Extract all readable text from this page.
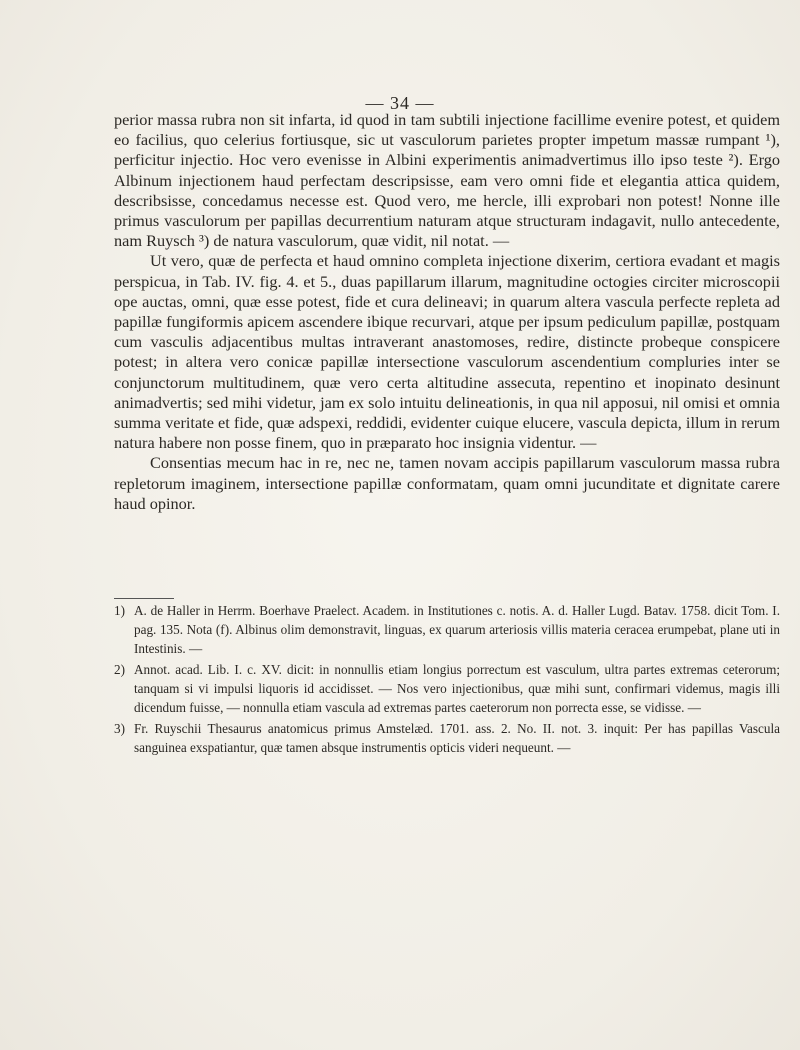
— 34 —

perior massa rubra non sit infarta, id quod in tam subtili injectione facillime evenire potest, et quidem eo facilius, quo celerius fortiusque, sic ut vasculorum parietes propter impetum massæ rumpant ¹), perficitur injectio. Hoc vero evenisse in Albini experimentis animadvertimus illo ipso teste ²). Ergo Albinum injectionem haud perfectam descripsisse, eam vero omni fide et elegantia attica quidem, describsisse, concedamus necesse est. Quod vero, me hercle, illi exprobari non potest! Nonne ille primus vasculorum per papillas decurrentium naturam atque structuram indagavit, nullo antecedente, nam Ruysch ³) de natura vasculorum, quæ vidit, nil notat. —

Ut vero, quæ de perfecta et haud omnino completa injectione dixerim, certiora evadant et magis perspicua, in Tab. IV. fig. 4. et 5., duas papillarum illarum, magnitudine octogies circiter microscopii ope auctas, omni, quæ esse potest, fide et cura delineavi; in quarum altera vascula perfecte repleta ad papillæ fungiformis apicem ascendere ibique recurvari, atque per ipsum pediculum papillæ, postquam cum vasculis adjacentibus multas intraverant anastomoses, redire, distincte probeque conspicere potest; in altera vero conicæ papillæ intersectione vasculorum ascendentium compluries inter se conjunctorum multitudinem, quæ vero certa altitudine assecuta, repentino et inopinato desinunt animadvertis; sed mihi videtur, jam ex solo intuitu delineationis, in qua nil apposui, nil omisi et omnia summa veritate et fide, quæ adspexi, reddidi, evidenter cuique elucere, vascula depicta, illum in rerum natura habere non posse finem, quo in præparato hoc insignia videntur. —

Consentias mecum hac in re, nec ne, tamen novam accipis papillarum vasculorum massa rubra repletorum imaginem, intersectione papillæ conformatam, quam omni jucunditate et dignitate carere haud opinor.

1) A. de Haller in Herrm. Boerhave Praelect. Academ. in Institutiones c. notis. A. d. Haller Lugd. Batav. 1758. dicit Tom. I. pag. 135. Nota (f). Albinus olim demonstravit, linguas, ex quarum arteriosis villis materia ceracea erumpebat, plane uti in Intestinis. —

2) Annot. acad. Lib. I. c. XV. dicit: in nonnullis etiam longius porrectum est vasculum, ultra partes extremas ceterorum; tanquam si vi impulsi liquoris id accidisset. — Nos vero injectionibus, quæ mihi sunt, confirmari videmus, magis illi dicendum fuisse, — nonnulla etiam vascula ad extremas partes caeterorum non porrecta esse, se vidisse. —

3) Fr. Ruyschii Thesaurus anatomicus primus Amstelæd. 1701. ass. 2. No. II. not. 3. inquit: Per has papillas Vascula sanguinea exspatiantur, quæ tamen absque instrumentis opticis videri nequeunt. —
